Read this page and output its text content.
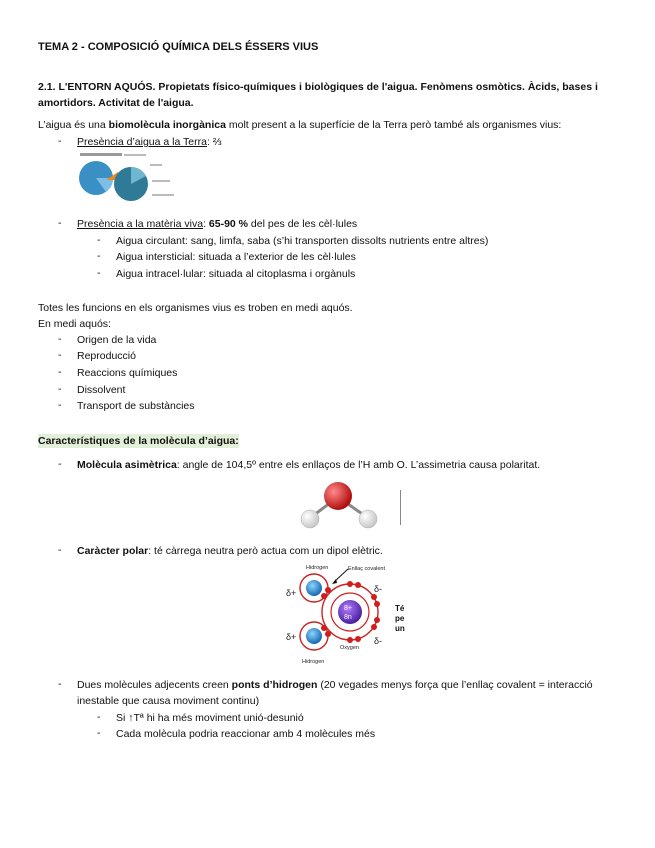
TEMA 2 - COMPOSICIÓ QUÍMICA DELS ÉSSERS VIUS
2.1. L'ENTORN AQUÓS. Propietats físico-químiques i biològiques de l'aigua. Fenòmens osmòtics. Àcids, bases i
amortidors. Activitat de l'aigua.
L’aigua és una biomolècula inorgànica molt present a la superfície de la Terra però també als organismes vius:
- Presència d’aigua a la Terra: ⅔
- Presència a la matèria viva: 65-90 % del pes de les cèl·lules
- Aigua circulant: sang, limfa, saba (s’hi transporten dissolts nutrients entre altres)
- Aigua intersticial: situada a l’exterior de les cèl·lules
- Aigua intracel·lular: situada al citoplasma i orgànuls
Totes les funcions en els organismes vius es troben en medi aquós.
En medi aquós:
- Origen de la vida
- Reproducció
- Reaccions químiques
- Dissolvent
- Transport de substàncies
Característiques de la molècula d’aigua:
- Molècula asimètrica: angle de 104,5º entre els enllaços de l’H amb O. L’assimetria causa polaritat.
- Caràcter polar: té càrrega neutra però actua com un dipol elètric.
Hidrogen	Enllaç covalent
8+
8n
δ+
δ+
δ-
δ-
Oxygen
Hidrogen
Tépeun
- Dues molècules adjecents creen ponts d’hidrogen (20 vegades menys força que l’enllaç covalent = interacció
inestable que causa moviment continu)
- Si ↑Tª hi ha més moviment unió-desunió
- Cada molècula podria reaccionar amb 4 molècules més
